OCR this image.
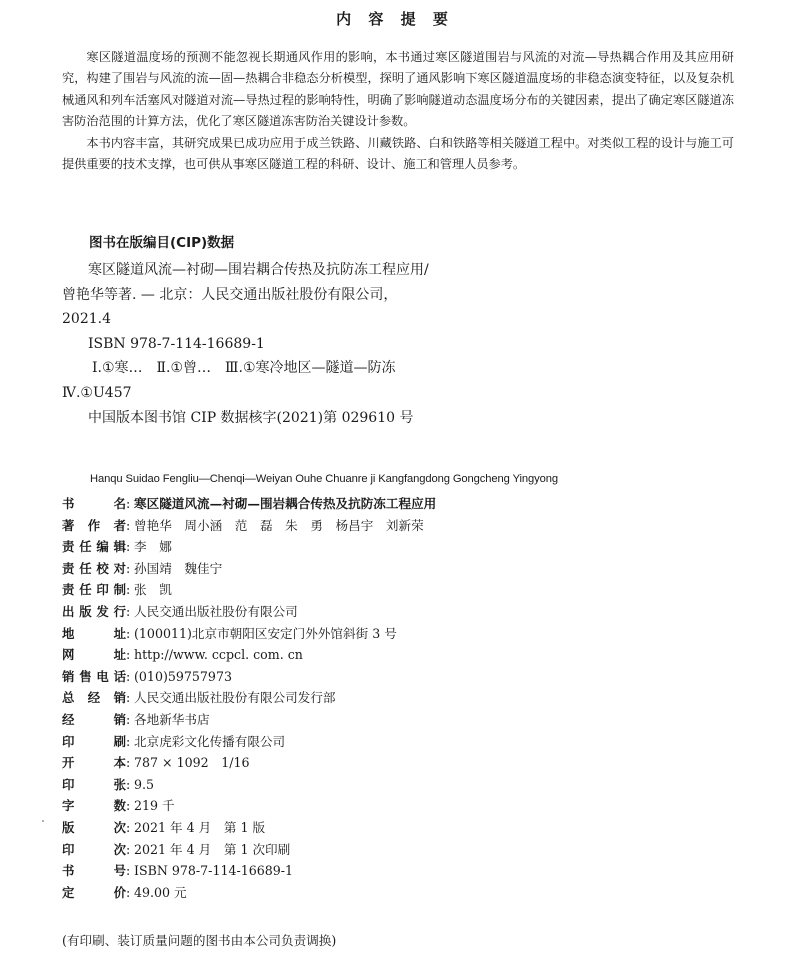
内 容 提 要

寒区隧道温度场的预测不能忽视长期通风作用的影响，本书通过寒区隧道围岩与风流的对流—导热耦合作用及其应用研究，构建了围岩与风流的流—固—热耦合非稳态分析模型，探明了通风影响下寒区隧道温度场的非稳态演变特征，以及复杂机械通风和列车活塞风对隧道对流—导热过程的影响特性，明确了影响隧道动态温度场分布的关键因素，提出了确定寒区隧道冻害防治范围的计算方法，优化了寒区隧道冻害防治关键设计参数。

本书内容丰富，其研究成果已成功应用于成兰铁路、川藏铁路、白和铁路等相关隧道工程中。对类似工程的设计与施工可提供重要的技术支撑，也可供从事寒区隧道工程的科研、设计、施工和管理人员参考。

图书在版编目(CIP)数据
寒区隧道风流—衬砌—围岩耦合传热及抗防冻工程应用/
曾艳华等著. — 北京：人民交通出版社股份有限公司，
2021.4
ISBN 978-7-114-16689-1
Ⅰ.①寒…　Ⅱ.①曾…　Ⅲ.①寒冷地区—隧道—防冻
Ⅳ.①U457
中国版本图书馆 CIP 数据核字(2021)第 029610 号
Hanqu Suidao Fengliu—Chenqi—Weiyan Ouhe Chuanre ji Kangfangdong Gongcheng Yingyong
书　　名 : 寒区隧道风流—衬砌—围岩耦合传热及抗防冻工程应用
著 作 者 : 曾艳华　周小涵　范　磊　朱　勇　杨昌宇　刘新荣
责任编辑 : 李　娜
责任校对 : 孙国靖　魏佳宁
责任印制 : 张　凯
出版发行 : 人民交通出版社股份有限公司
地　　址 : (100011)北京市朝阳区安定门外外馆斜街 3 号
网　　址 : http://www. ccpcl. com. cn
销售电话 : (010)59757973
总 经 销 : 人民交通出版社股份有限公司发行部
经　　销 : 各地新华书店
印　　刷 : 北京虎彩文化传播有限公司
开　　本 : 787 × 1092　1/16
印　　张 : 9.5
字　　数 : 219 千
版　　次 : 2021 年 4 月　第 1 版
印　　次 : 2021 年 4 月　第 1 次印刷
书　　号 : ISBN 978-7-114-16689-1
定　　价 : 49.00 元
(有印刷、装订质量问题的图书由本公司负责调换)
